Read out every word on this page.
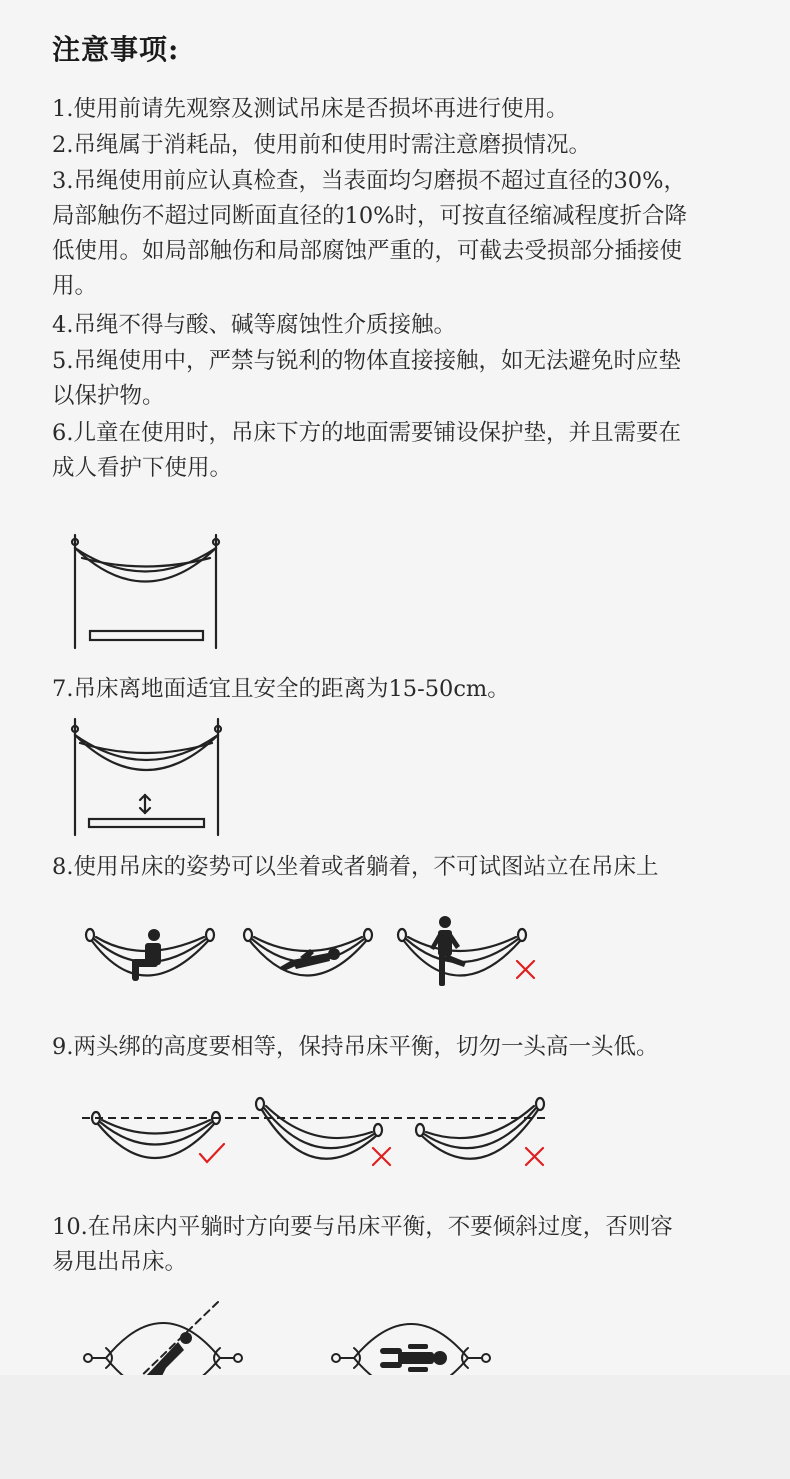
注意事项:
1.使用前请先观察及测试吊床是否损坏再进行使用。
2.吊绳属于消耗品，使用前和使用时需注意磨损情况。
3.吊绳使用前应认真检查，当表面均匀磨损不超过直径的30%，
局部触伤不超过同断面直径的10%时，可按直径缩减程度折合降
低使用。如局部触伤和局部腐蚀严重的，可截去受损部分插接使
用。
4.吊绳不得与酸、碱等腐蚀性介质接触。
5.吊绳使用中，严禁与锐利的物体直接接触，如无法避免时应垫
以保护物。
6.儿童在使用时，吊床下方的地面需要铺设保护垫，并且需要在
成人看护下使用。
7.吊床离地面适宜且安全的距离为15-50cm。
8.使用吊床的姿势可以坐着或者躺着，不可试图站立在吊床上
9.两头绑的高度要相等，保持吊床平衡，切勿一头高一头低。
10.在吊床内平躺时方向要与吊床平衡，不要倾斜过度，否则容
易甩出吊床。
